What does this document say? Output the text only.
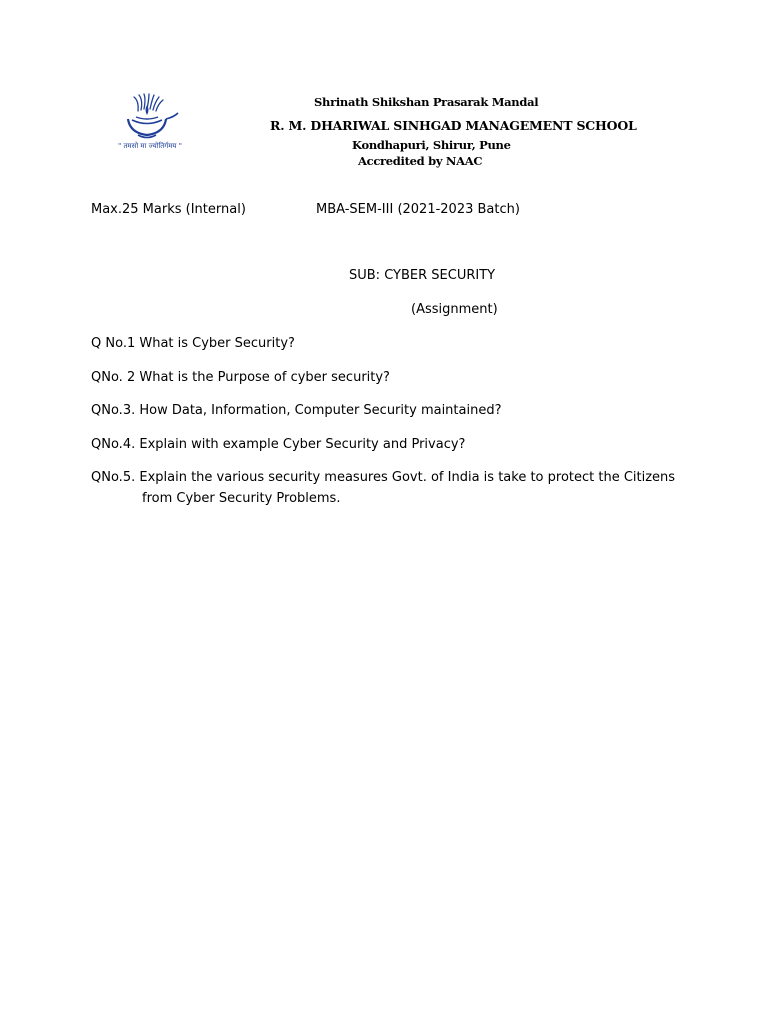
" तमसो मा ज्योतिर्गमय "
Shrinath Shikshan Prasarak Mandal
R. M. DHARIWAL SINHGAD MANAGEMENT SCHOOL
Kondhapuri, Shirur, Pune
Accredited by NAAC
Max.25 Marks (Internal)	MBA-SEM-III (2021-2023 Batch)
SUB: CYBER SECURITY
(Assignment)
Q No.1 What is Cyber Security?
QNo. 2 What is the Purpose of cyber security?
QNo.3. How Data, Information, Computer Security maintained?
QNo.4. Explain with example Cyber Security and Privacy?
QNo.5. Explain the various security measures Govt. of India is take to protect the Citizens
from Cyber Security Problems.
